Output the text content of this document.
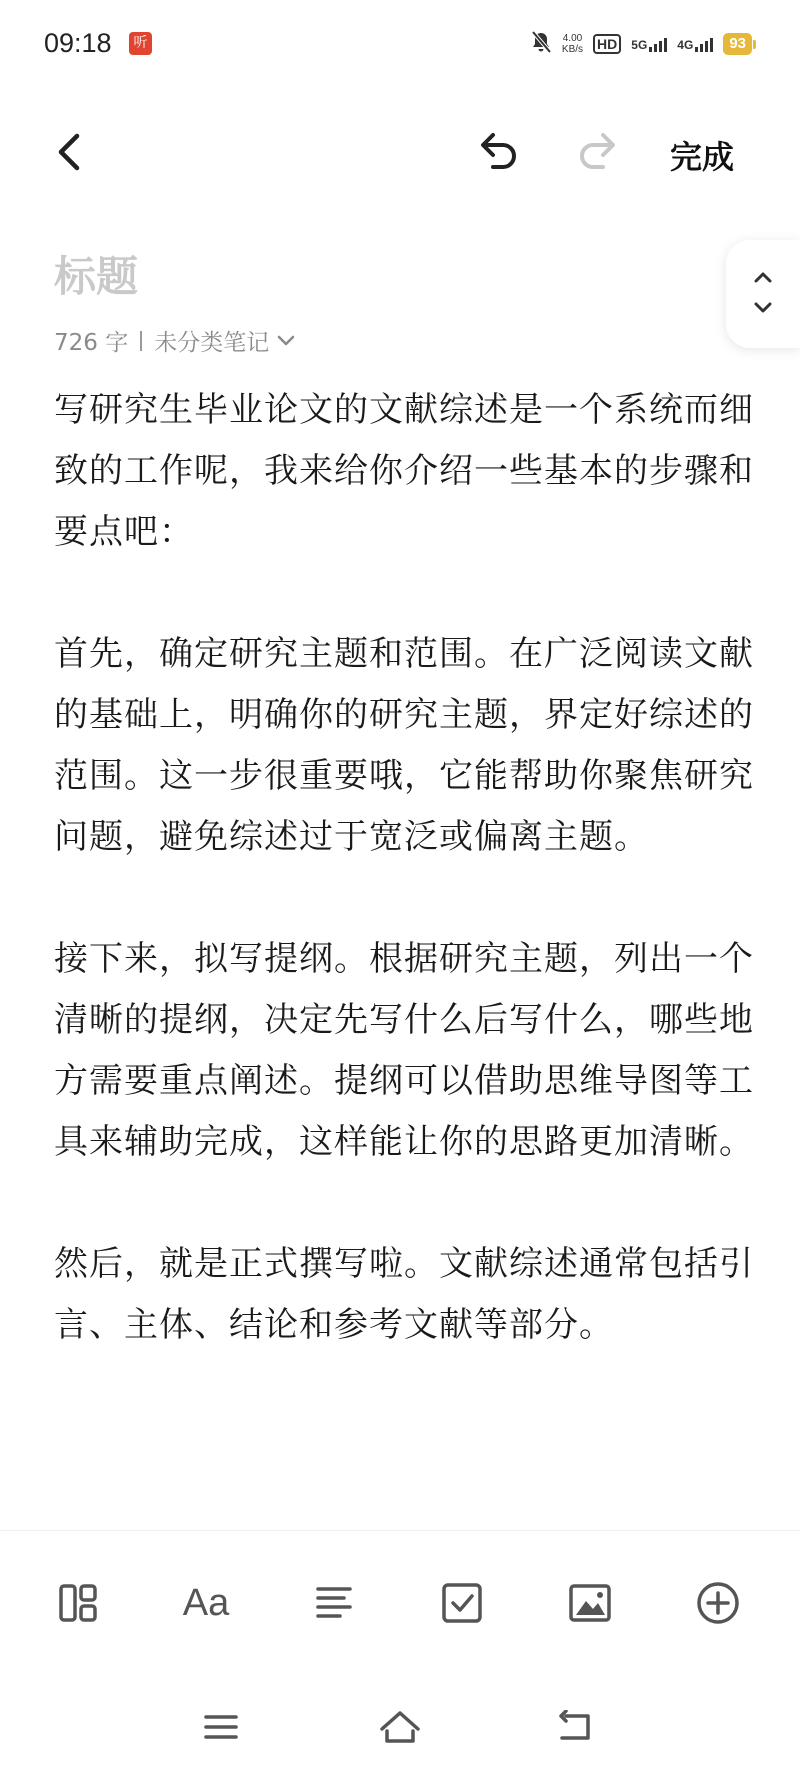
09:18	听	4.00
KB/s HD	5G	4G	93
完成
标题
726 字 未分类笔记

写研究生毕业论文的文献综述是一个系统而细致的工作呢，我来给你介绍一些基本的步骤和要点吧：

首先，确定研究主题和范围。在广泛阅读文献的基础上，明确你的研究主题，界定好综述的范围。这一步很重要哦，它能帮助你聚焦研究问题，避免综述过于宽泛或偏离主题。

接下来，拟写提纲。根据研究主题，列出一个清晰的提纲，决定先写什么后写什么，哪些地方需要重点阐述。提纲可以借助思维导图等工具来辅助完成，这样能让你的思路更加清晰。

然后，就是正式撰写啦。文献综述通常包括引言、主体、结论和参考文献等部分。

Aa
